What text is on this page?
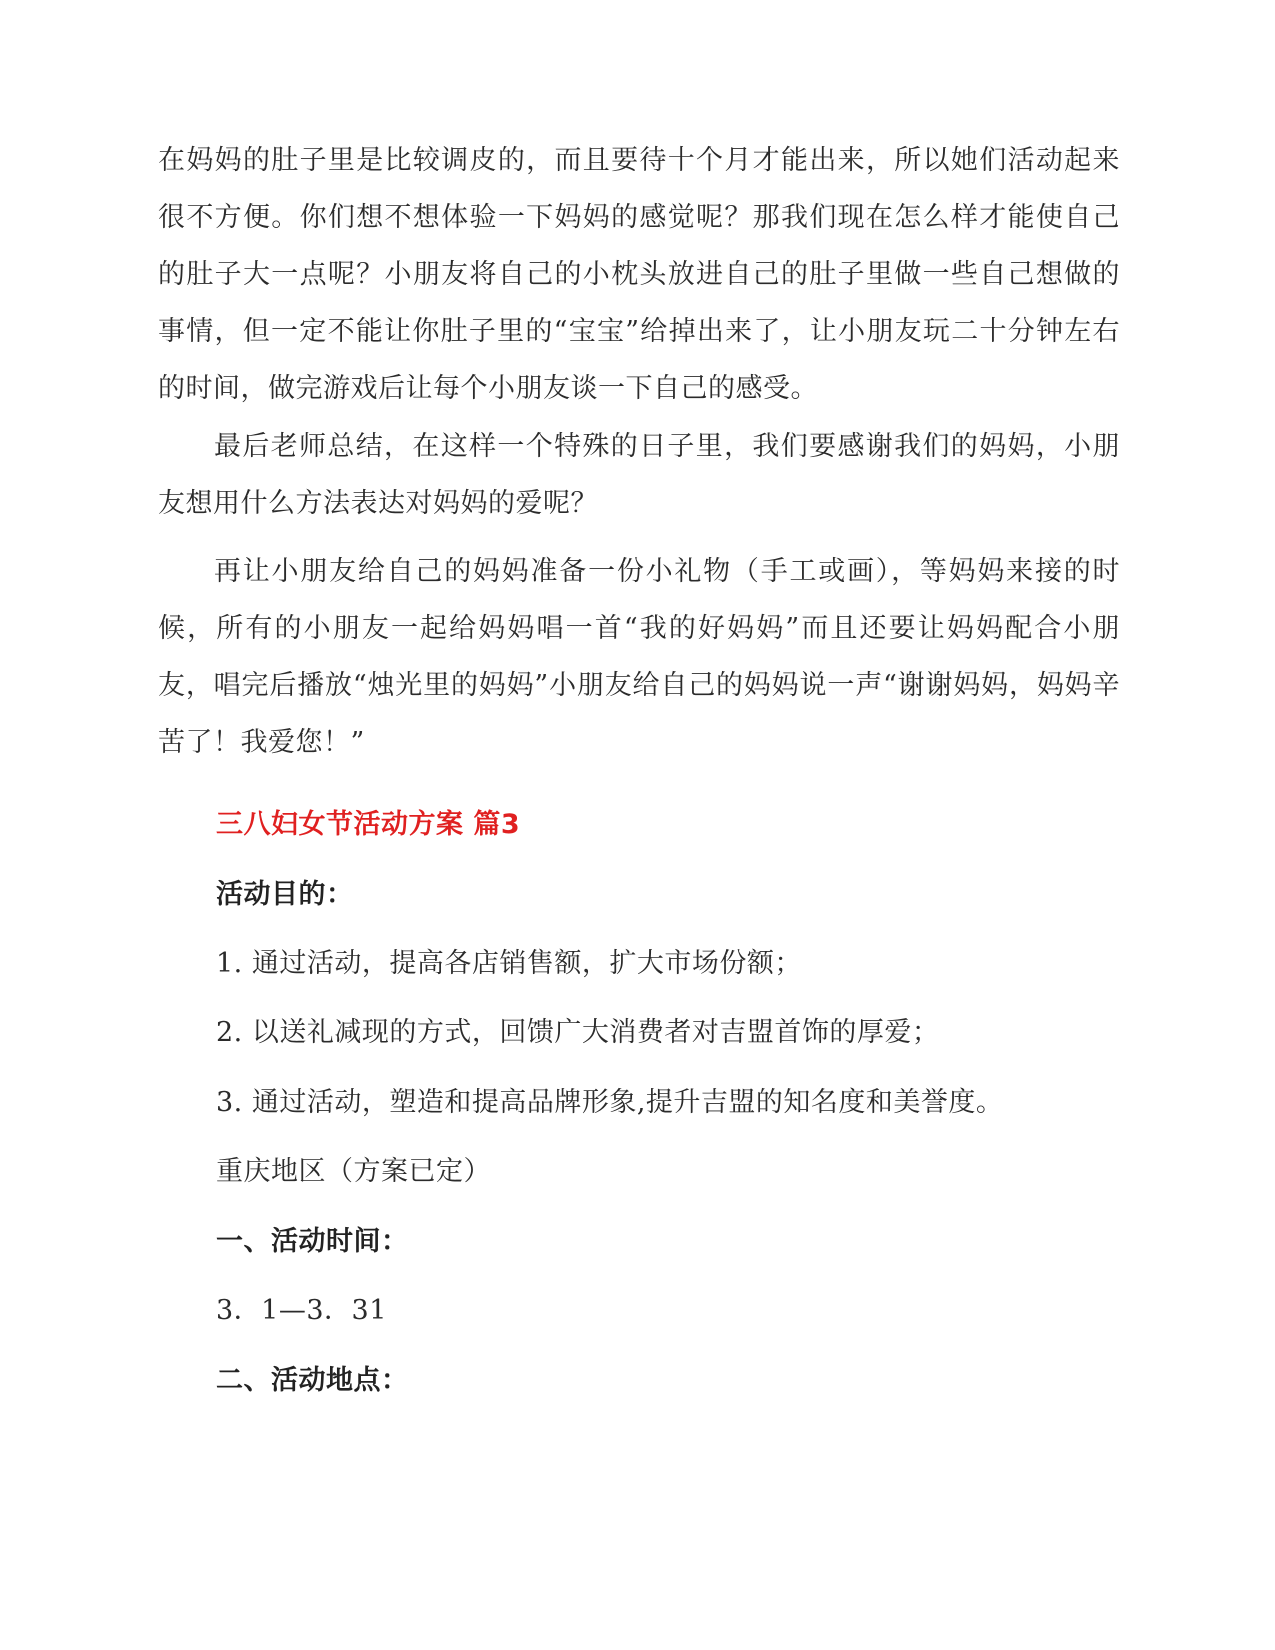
在妈妈的肚子里是比较调皮的，而且要待十个月才能出来，所以她们活动起来很不方便。你们想不想体验一下妈妈的感觉呢？那我们现在怎么样才能使自己的肚子大一点呢？小朋友将自己的小枕头放进自己的肚子里做一些自己想做的事情，但一定不能让你肚子里的“宝宝”给掉出来了，让小朋友玩二十分钟左右的时间，做完游戏后让每个小朋友谈一下自己的感受。

最后老师总结，在这样一个特殊的日子里，我们要感谢我们的妈妈，小朋友想用什么方法表达对妈妈的爱呢？

再让小朋友给自己的妈妈准备一份小礼物（手工或画），等妈妈来接的时候，所有的小朋友一起给妈妈唱一首“我的好妈妈”而且还要让妈妈配合小朋友，唱完后播放“烛光里的妈妈”小朋友给自己的妈妈说一声“谢谢妈妈，妈妈辛苦了！我爱您！”

三八妇女节活动方案 篇3

活动目的：

1. 通过活动，提高各店销售额，扩大市场份额；

2. 以送礼减现的方式，回馈广大消费者对吉盟首饰的厚爱；

3. 通过活动，塑造和提高品牌形象,提升吉盟的知名度和美誉度。

重庆地区（方案已定）

一、活动时间：

3．1—3．31

二、活动地点：
